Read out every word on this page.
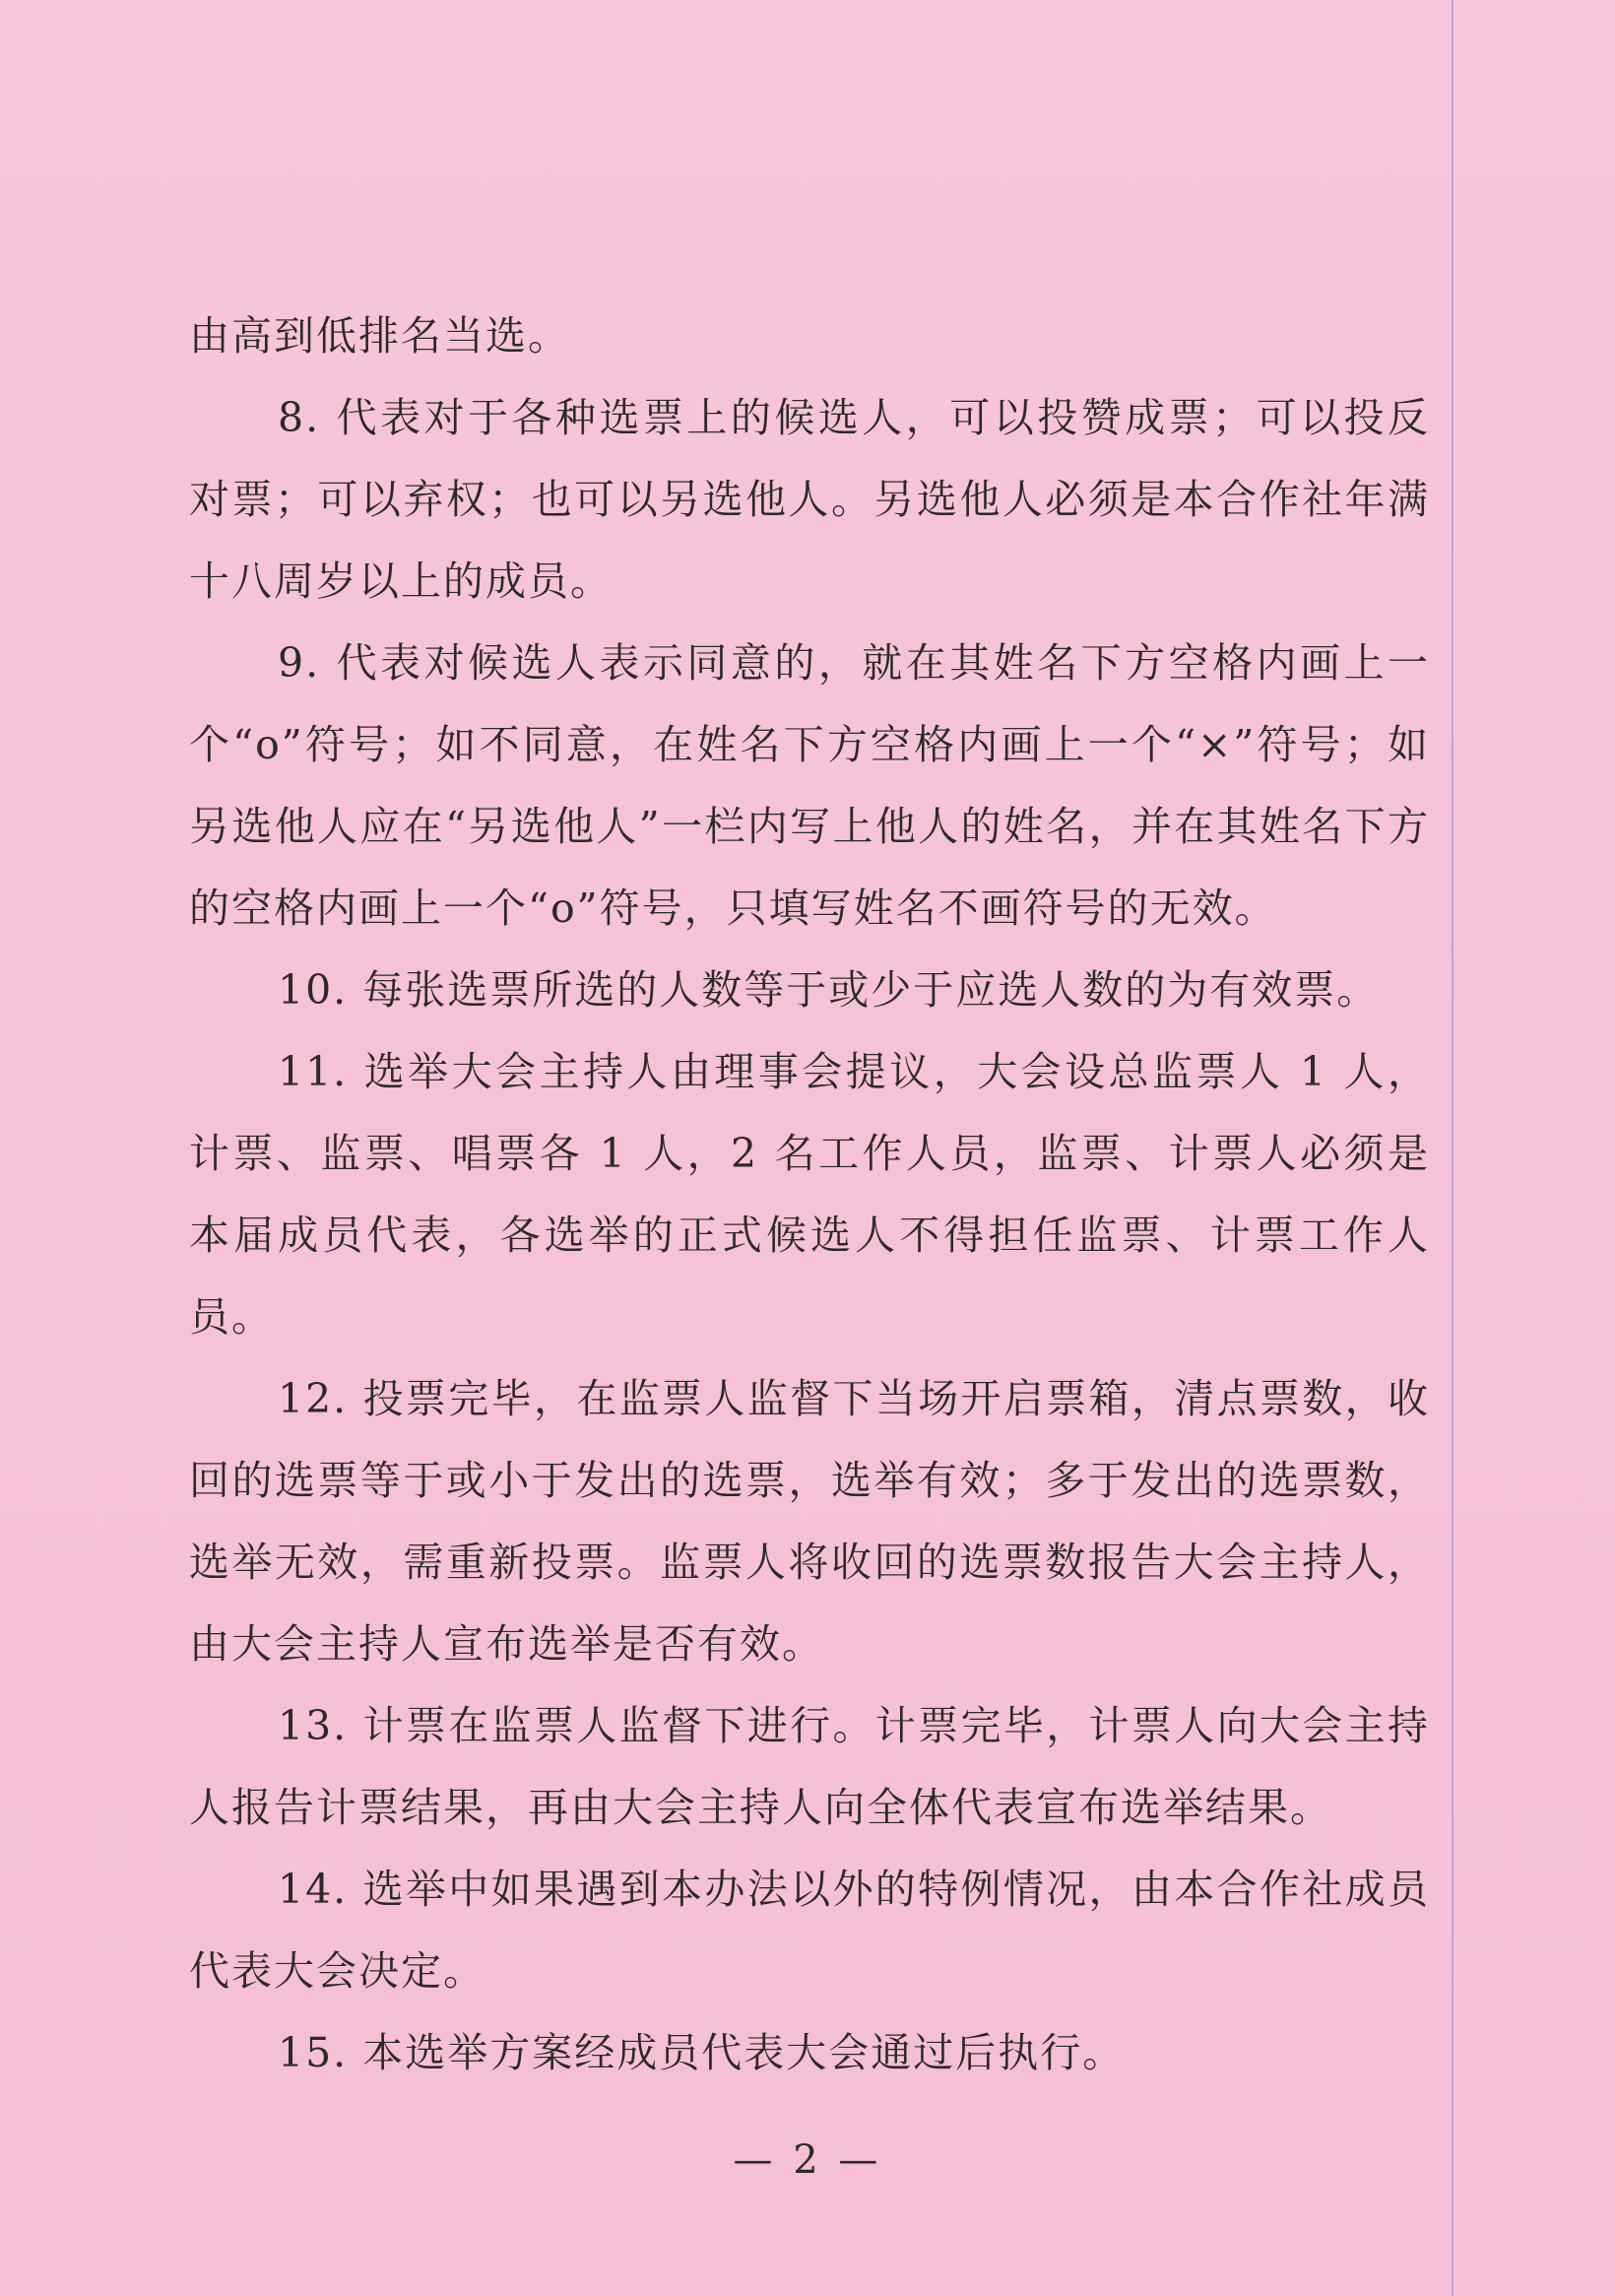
由高到低排名当选。

8. 代表对于各种选票上的候选人，可以投赞成票；可以投反对票；可以弃权；也可以另选他人。另选他人必须是本合作社年满十八周岁以上的成员。

9. 代表对候选人表示同意的，就在其姓名下方空格内画上一个“o”符号；如不同意，在姓名下方空格内画上一个“×”符号；如另选他人应在“另选他人”一栏内写上他人的姓名，并在其姓名下方的空格内画上一个“o”符号，只填写姓名不画符号的无效。

10. 每张选票所选的人数等于或少于应选人数的为有效票。

11. 选举大会主持人由理事会提议，大会设总监票人 1 人，计票、监票、唱票各 1 人，2 名工作人员，监票、计票人必须是本届成员代表，各选举的正式候选人不得担任监票、计票工作人员。

12. 投票完毕，在监票人监督下当场开启票箱，清点票数，收回的选票等于或小于发出的选票，选举有效；多于发出的选票数，选举无效，需重新投票。监票人将收回的选票数报告大会主持人，由大会主持人宣布选举是否有效。

13. 计票在监票人监督下进行。计票完毕，计票人向大会主持人报告计票结果，再由大会主持人向全体代表宣布选举结果。

14. 选举中如果遇到本办法以外的特例情况，由本合作社成员代表大会决定。

15. 本选举方案经成员代表大会通过后执行。

— 2 —
